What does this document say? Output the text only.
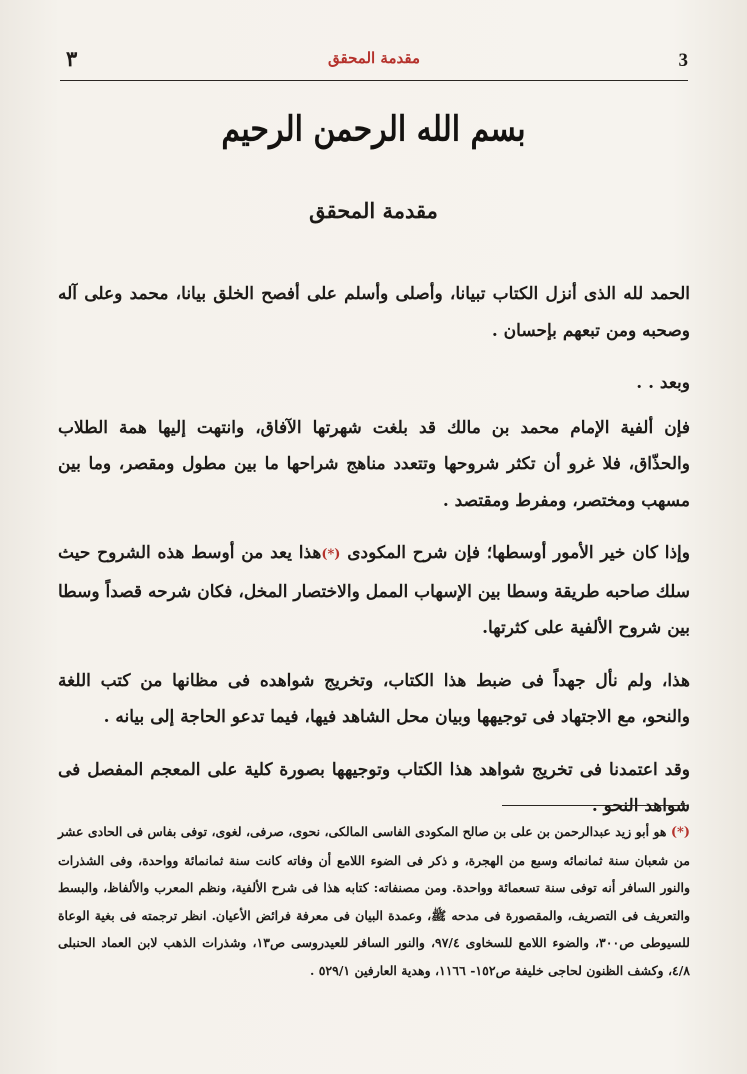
3
مقدمة المحقق
٣
بسم الله الرحمن الرحيم
مقدمة المحقق

الحمد لله الذى أنزل الكتاب تبيانا، وأصلى وأسلم على أفصح الخلق بيانا، محمد وعلى آله وصحبه ومن تبعهم بإحسان .

وبعد . .

فإن ألفية الإمام محمد بن مالك قد بلغت شهرتها الآفاق، وانتهت إليها همة الطلاب والحذّاق، فلا غرو أن تكثر شروحها وتتعدد مناهج شراحها ما بين مطول ومقصر، وما بين مسهب ومختصر، ومفرط ومقتصد .

وإذا كان خير الأمور أوسطها؛ فإن شرح المكودى (*)هذا يعد من أوسط هذه الشروح حيث سلك صاحبه طريقة وسطا بين الإسهاب الممل والاختصار المخل، فكان شرحه قصداً وسطا بين شروح الألفية على كثرتها.

هذا، ولم نأل جهداً فى ضبط هذا الكتاب، وتخريج شواهده فى مظانها من كتب اللغة والنحو، مع الاجتهاد فى توجيهها وبيان محل الشاهد فيها، فيما تدعو الحاجة إلى بيانه .

وقد اعتمدنا فى تخريج شواهد هذا الكتاب وتوجيهها بصورة كلية على المعجم المفصل فى شواهد النحو .

(*) هو أبو زيد عبدالرحمن بن على بن صالح المكودى الفاسى المالكى، نحوى، صرفى، لغوى، توفى بفاس فى الحادى عشر من شعبان سنة ثمانمائه وسبع من الهجرة، و ذكر فى الضوء اللامع أن وفاته كانت سنة ثمانمائة وواحدة، وفى الشذرات والنور السافر أنه توفى سنة تسعمائة وواحدة. ومن مصنفاته: كتابه هذا فى شرح الألفية، ونظم المعرب والألفاظ، والبسط والتعريف فى التصريف، والمقصورة فى مدحه ﷺ، وعمدة البيان فى معرفة فرائض الأعيان. انظر ترجمته فى بغية الوعاة للسيوطى ص٣٠٠، والضوء اللامع للسخاوى ٩٧/٤، والنور السافر للعيدروسى ص١٣، وشذرات الذهب لابن العماد الحنبلى ٤/٨، وكشف الظنون لحاجى خليفة ص١٥٢- ١١٦٦، وهدية العارفين ٥٢٩/١ .
